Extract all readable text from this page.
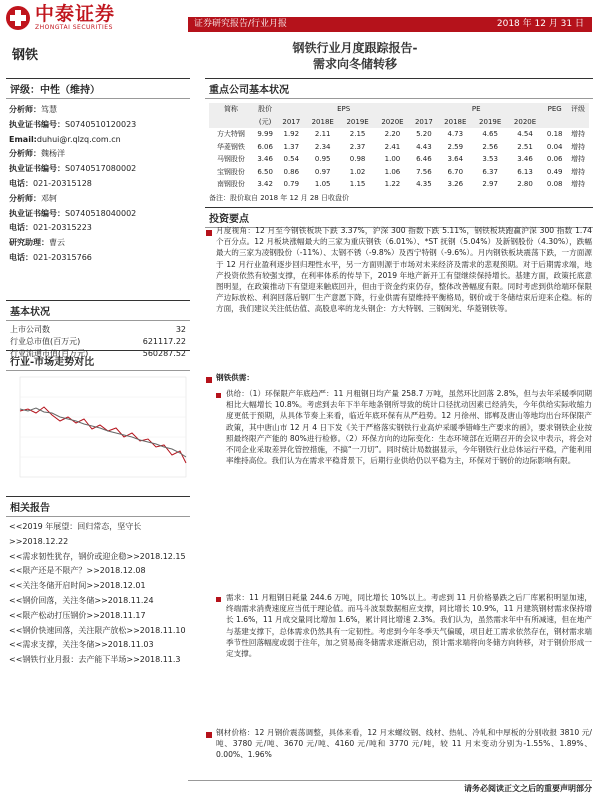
中泰证券
ZHONGTAI SECURITIES	证券研究报告/行业月报	2018 年 12 月 31 日
钢铁	钢铁行业月度跟踪报告-
需求向冬储转移
评级：中性（维持）
分析师：笃慧
执业证书编号：S0740510120023
Email:duhui@r.qlzq.com.cn
分析师：魏杨洋
执业证书编号：S0740517080002
电话：021-20315128
分析师：邓轲
执业证书编号：S0740518040002
电话：021-20315223
研究助理：曹云
电话：021-20315766
基本状况
上市公司数	32
行业总市值(百万元)	621117.22
行业流通市值(百万元)	560287.52
行业-市场走势对比
相关报告
<<2019 年展望：回归常态，坚守长>>2018.12.22
<<需求韧性犹存，钢价或迎企稳>>2018.12.15
<<限产还是不限产？>>2018.12.08
<<关注冬储开启时间>>2018.12.01
<<钢价回落，关注冬储>>2018.11.24
<<限产松动打压钢价>>2018.11.17
<<钢价快速回落，关注限产放松>>2018.11.10
<<需求支撑，关注冬储>>2018.11.03
<<钢铁行业月报：去产能下半场>>2018.11.3
重点公司基本状况
简称	股价	EPS				PE				PEG	评级
	(元)	2017	2018E	2019E	2020E	2017	2018E	2019E	2020E		
方大特钢	9.99	1.92	2.11	2.15	2.20	5.20	4.73	4.65	4.54	0.18	增持
华菱钢铁	6.06	1.37	2.34	2.37	2.41	4.43	2.59	2.56	2.51	0.04	增持
马钢股份	3.46	0.54	0.95	0.98	1.00	6.46	3.64	3.53	3.46	0.06	增持
宝钢股份	6.50	0.86	0.97	1.02	1.06	7.56	6.70	6.37	6.13	0.49	增持
南钢股份	3.42	0.79	1.05	1.15	1.22	4.35	3.26	2.97	2.80	0.08	增持
备注：股价取自 2018 年 12 月 28 日收盘价
投资要点
月度视角：12 月至今钢铁板块下跌 3.37%，沪深 300 指数下跌 5.11%，钢铁板块跑赢沪深 300 指数 1.74 个百分点。12 月板块涨幅最大的三家为重庆钢铁（6.01%）、*ST 抚钢（5.04%）及新钢股份（4.30%），跌幅最大的三家为凌钢股份（-11%）、太钢不锈（-9.8%）及西宁特钢（-9.6%）。月内钢铁板块震荡下跌，一方面源于 12 月行业盈利逐步回归理性水平，另一方面则源于市场对未来经济及需求的悲观预期。对于后期需求端，地产投资依然有较强支撑，在利率体系的传导下，2019 年地产新开工有望继续保持增长。基建方面，政策托底意图明显，在政策推动下有望迎来触底回升，但由于资金约束仍存，整体改善幅度有限。同时考虑到供给端环保限产边际放松、利润回落后钢厂生产意愿下降，行业供需有望维持平衡格局，钢价或于冬储结束后迎来企稳。标的方面，我们建议关注低估值、高股息率的龙头钢企：方大特钢、三钢闽光、华菱钢铁等。
钢铁供需：
供给：（1）环保限产年底趋严：11 月粗钢日均产量 258.7 万吨，虽然环比回落 2.8%，但与去年采暖季同期相比大幅增长 10.8%。考虑到去年下半年地条钢所导致的统计口径扰动因素已经消失，今年供给实际收缩力度更低于预期，从具体节奏上来看，临近年底环保有从严趋势。12 月徐州、邯郸及唐山等地均出台环保限产政策，其中唐山市 12 月 4 日下发《关于严格落实钢铁行业高炉采暖季错峰生产要求的函》，要求钢铁企业按照最终限产产能的 80%进行检修。（2）环保方向的边际变化：生态环境部在近期召开的会议中表示，将会对不同企业采取差异化管控措施，不搞“一刀切”。同时统计局数据显示，今年钢铁行业总体运行平稳，产能利用率维持高位。我们认为在需求平稳背景下，后期行业供给仍以平稳为主，环保对于钢价的边际影响有限。
需求：11 月粗钢日耗量 244.6 万吨，同比增长 10%以上。考虑到 11 月价格暴跌之后厂库累积明显加速，终端需求消费速度应当低于理论值。而马斗波泵数据相应支撑，同比增长 10.9%，11 月建筑钢材需求保持增长 1.6%，11 月成交量同比增加 1.6%，累计同比增速 2.3%。我们认为，虽然需求年中有所减速，但在地产与基建支撑下，总体需求仍然具有一定韧性。考虑到今年冬季天气偏暖，项目赶工需求依然存在，钢材需求端季节性回落幅度或弱于往年，加之贸易商冬储需求逐渐启动，预计需求端将向冬储方向转移，对于钢价形成一定支撑。
钢材价格：12 月钢价震荡调整，具体来看，12 月末螺纹钢、线材、热轧、冷轧和中厚板的分别收报 3810 元/吨、3780 元/吨、3670 元/吨、4160 元/吨和 3770 元/吨，较 11 月末变动分别为-1.55%、1.89%、0.00%、1.96%
请务必阅读正文之后的重要声明部分
